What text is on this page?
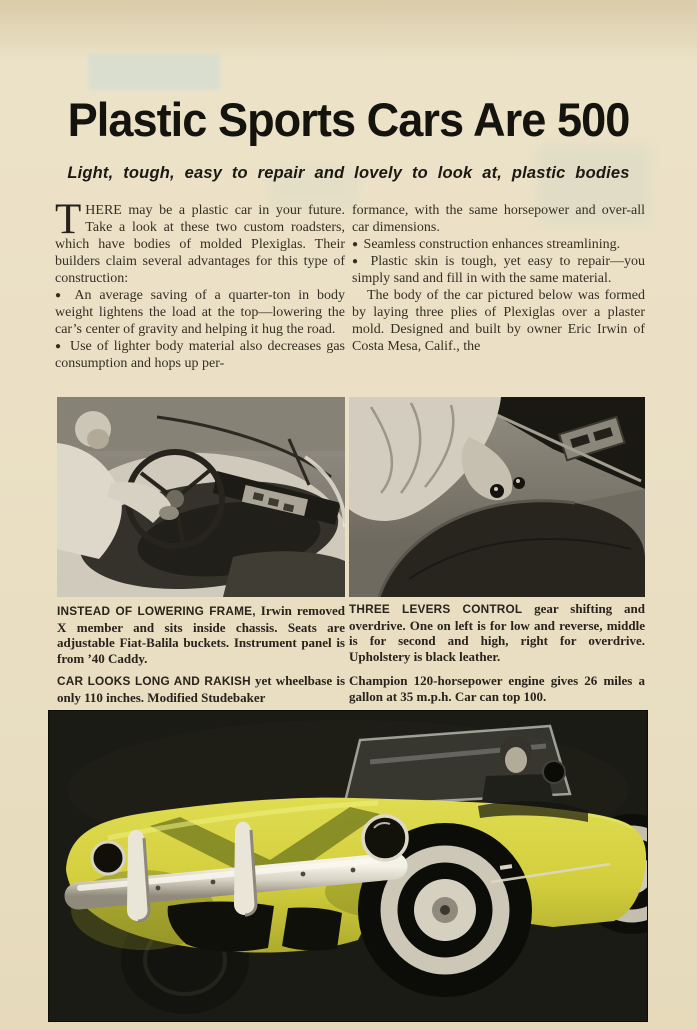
Plastic Sports Cars Are 500
Light, tough, easy to repair and lovely to look at, plastic bodies

THERE may be a plastic car in your future. Take a look at these two custom roadsters, which have bodies of molded Plexiglas. Their builders claim several advantages for this type of construction:

● An average saving of a quarter-ton in body weight lightens the load at the top—lowering the car’s center of gravity and helping it hug the road.

● Use of lighter body material also decreases gas consumption and hops up per-

formance, with the same horsepower and over-all car dimensions.

● Seamless construction enhances streamlining.

● Plastic skin is tough, yet easy to repair—you simply sand and fill in with the same material.

The body of the car pictured below was formed by laying three plies of Plexiglas over a plaster mold. Designed and built by owner Eric Irwin of Costa Mesa, Calif., the

INSTEAD OF LOWERING FRAME, Irwin removed X member and sits inside chassis. Seats are adjustable Fiat-Balila buckets. Instrument panel is from ’40 Caddy.
THREE LEVERS CONTROL gear shifting and overdrive. One on left is for low and reverse, middle is for second and high, right for overdrive. Upholstery is black leather.
CAR LOOKS LONG AND RAKISH yet wheelbase is only 110 inches. Modified Studebaker
Champion 120-horsepower engine gives 26 miles a gallon at 35 m.p.h. Car can top 100.
